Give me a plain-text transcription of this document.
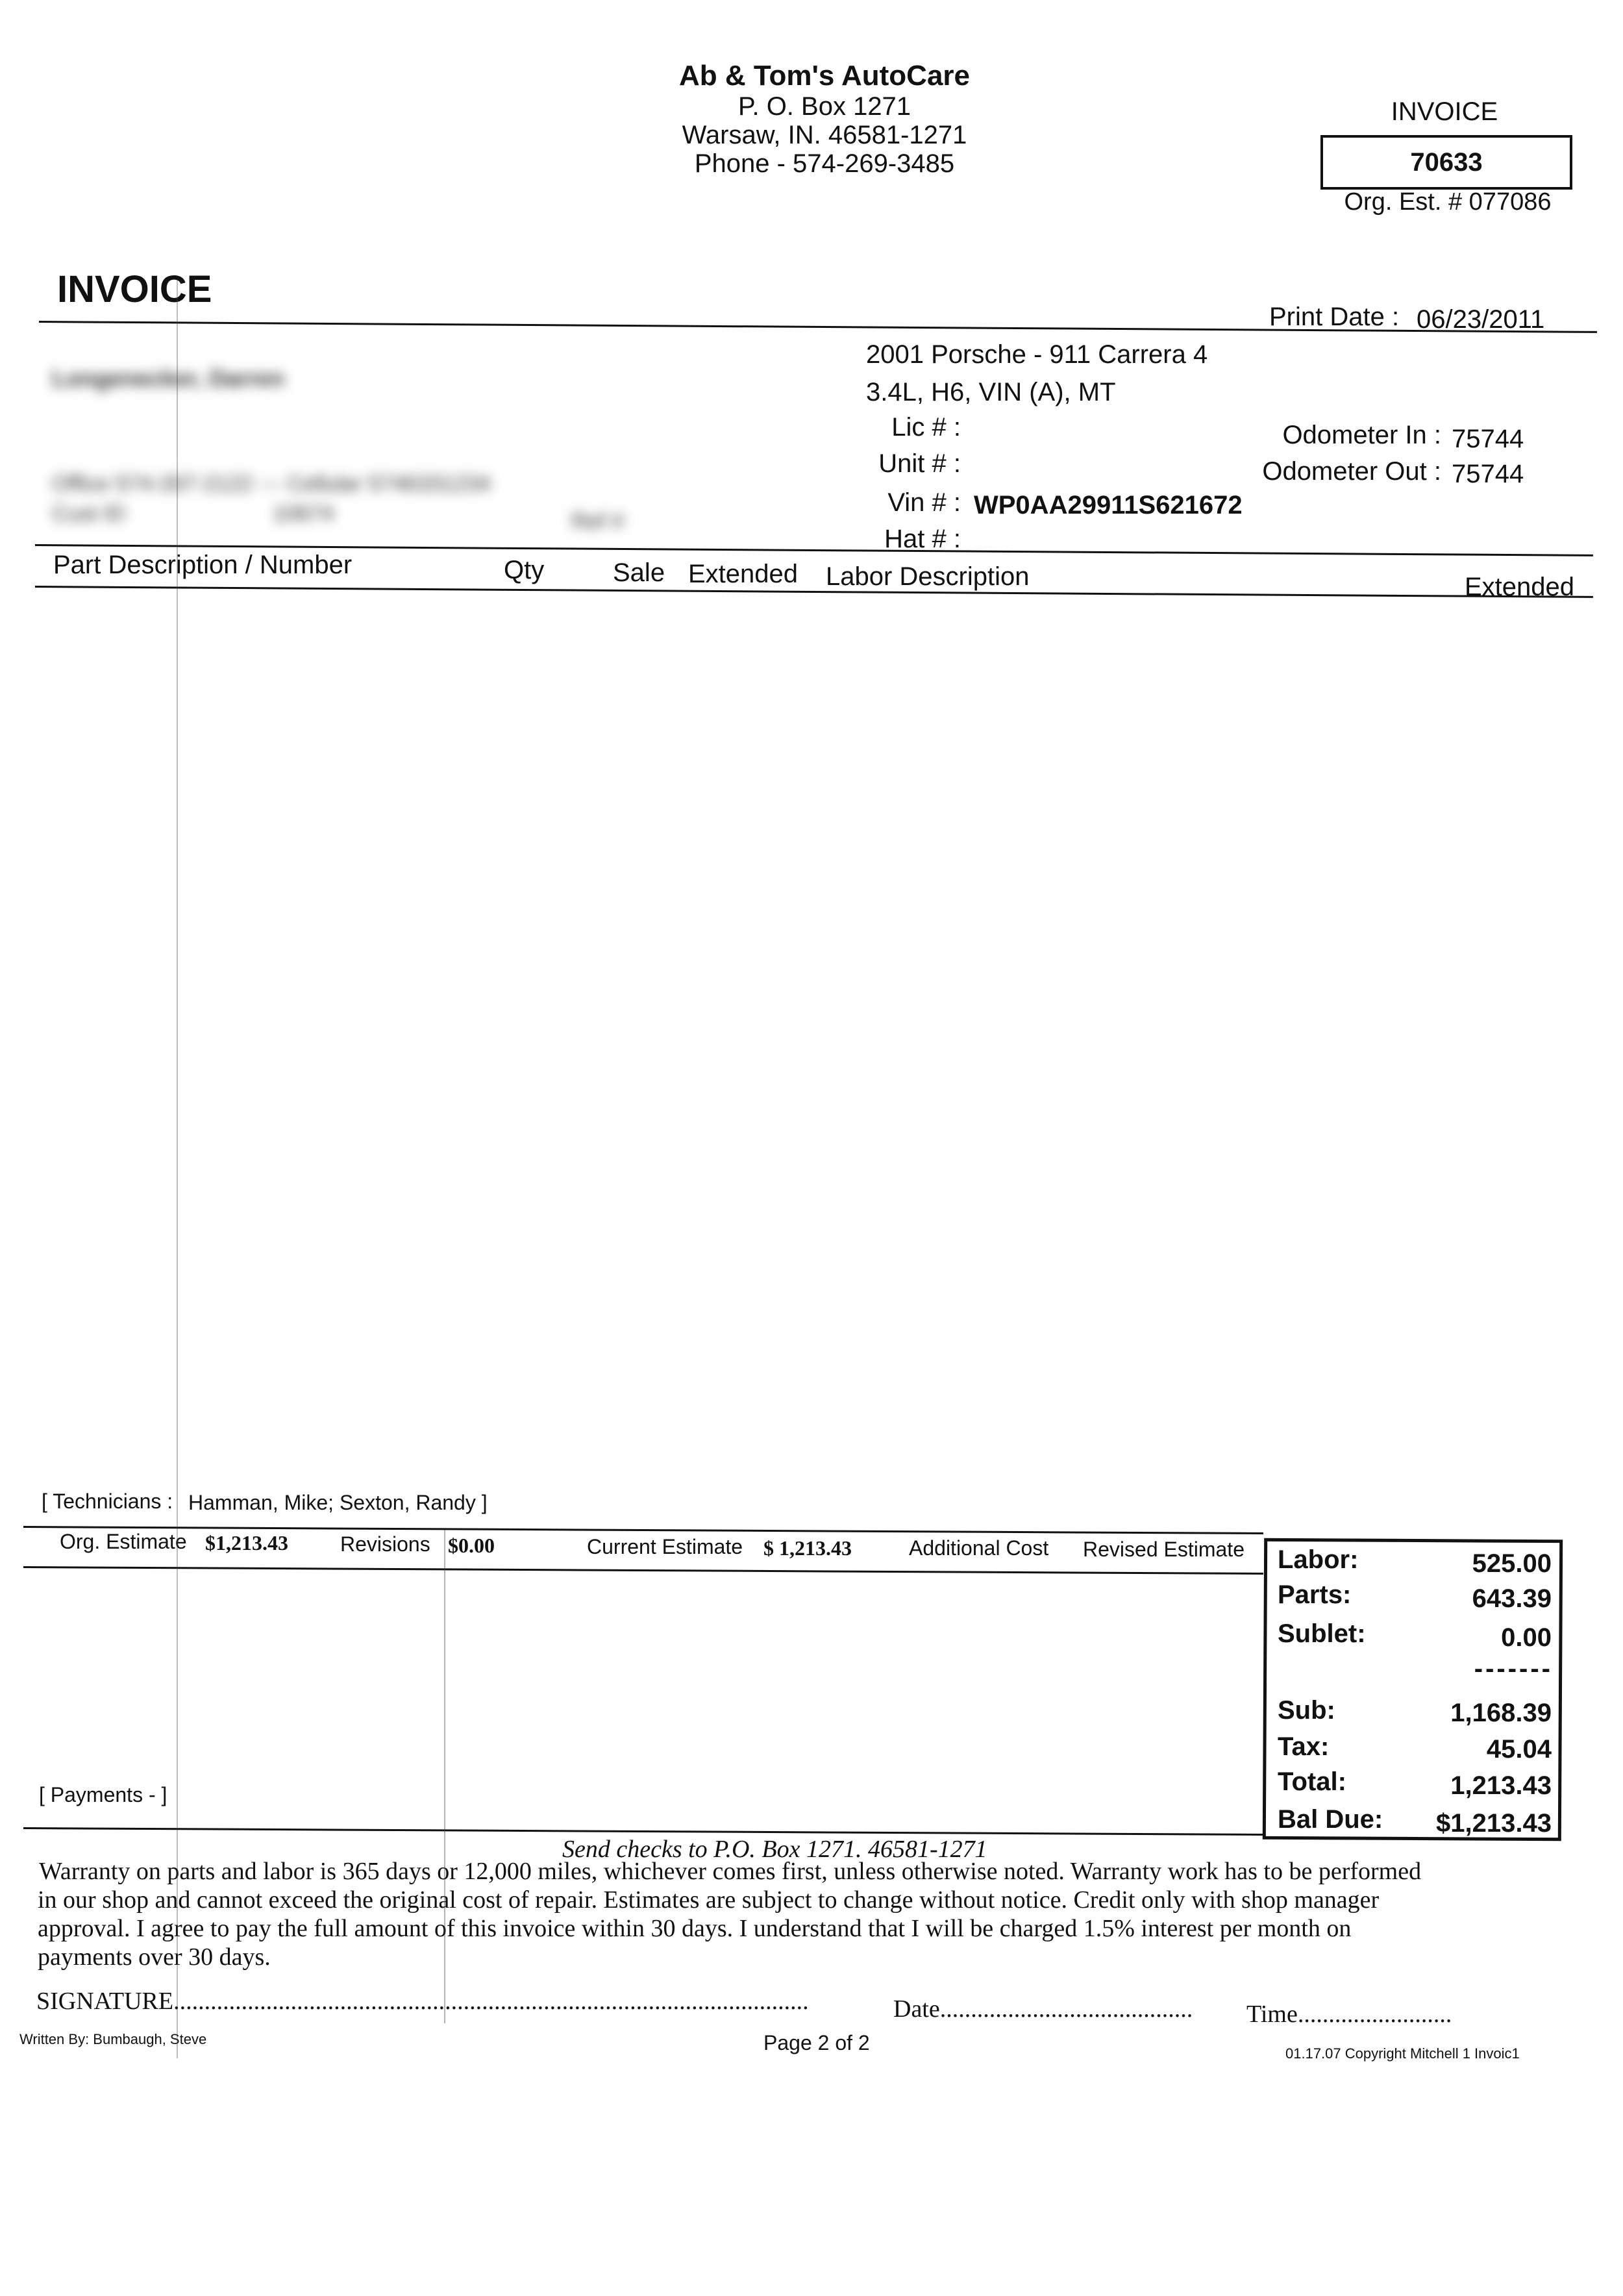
Ab & Tom's AutoCare
P. O. Box 1271
Warsaw, IN. 46581-1271
Phone - 574-269-3485
INVOICE
70633
Org. Est. # 077086
INVOICE
Print Date : 06/23/2011
Longenecker, Darren
Office 574-267-2122 --- Cellular 5746331234
Cust ID	10674	Ref #
2001 Porsche - 911 Carrera 4
3.4L, H6, VIN (A), MT
Lic # :
Unit # :
Vin # : WP0AA29911S621672
Hat # :
Odometer In : 75744
Odometer Out : 75744
Part Description / Number	Qty	Sale Extended Labor Description	Extended
[ Technicians : Hamman, Mike; Sexton, Randy ]
Org. Estimate $1,213.43	Revisions $0.00	Current Estimate $ 1,213.43	Additional Cost Revised Estimate
[ Payments - ]
Labor:	525.00
Parts:	643.39
Sublet:	0.00
-------
Sub:	1,168.39
Tax:	45.04
Total:	1,213.43
Bal Due:	$1,213.43
Send checks to P.O. Box 1271. 46581-1271
Warranty on parts and labor is 365 days or 12,000 miles, whichever comes first, unless otherwise noted. Warranty work has to be performed
in our shop and cannot exceed the original cost of repair. Estimates are subject to change without notice. Credit only with shop manager
approval. I agree to pay the full amount of this invoice within 30 days. I understand that I will be charged 1.5% interest per month on
payments over 30 days.
SIGNATURE.......................................................................................................	Date......................................... Time.........................
Written By: Bumbaugh, Steve	Page 2 of 2	01.17.07 Copyright Mitchell 1 Invoic1
